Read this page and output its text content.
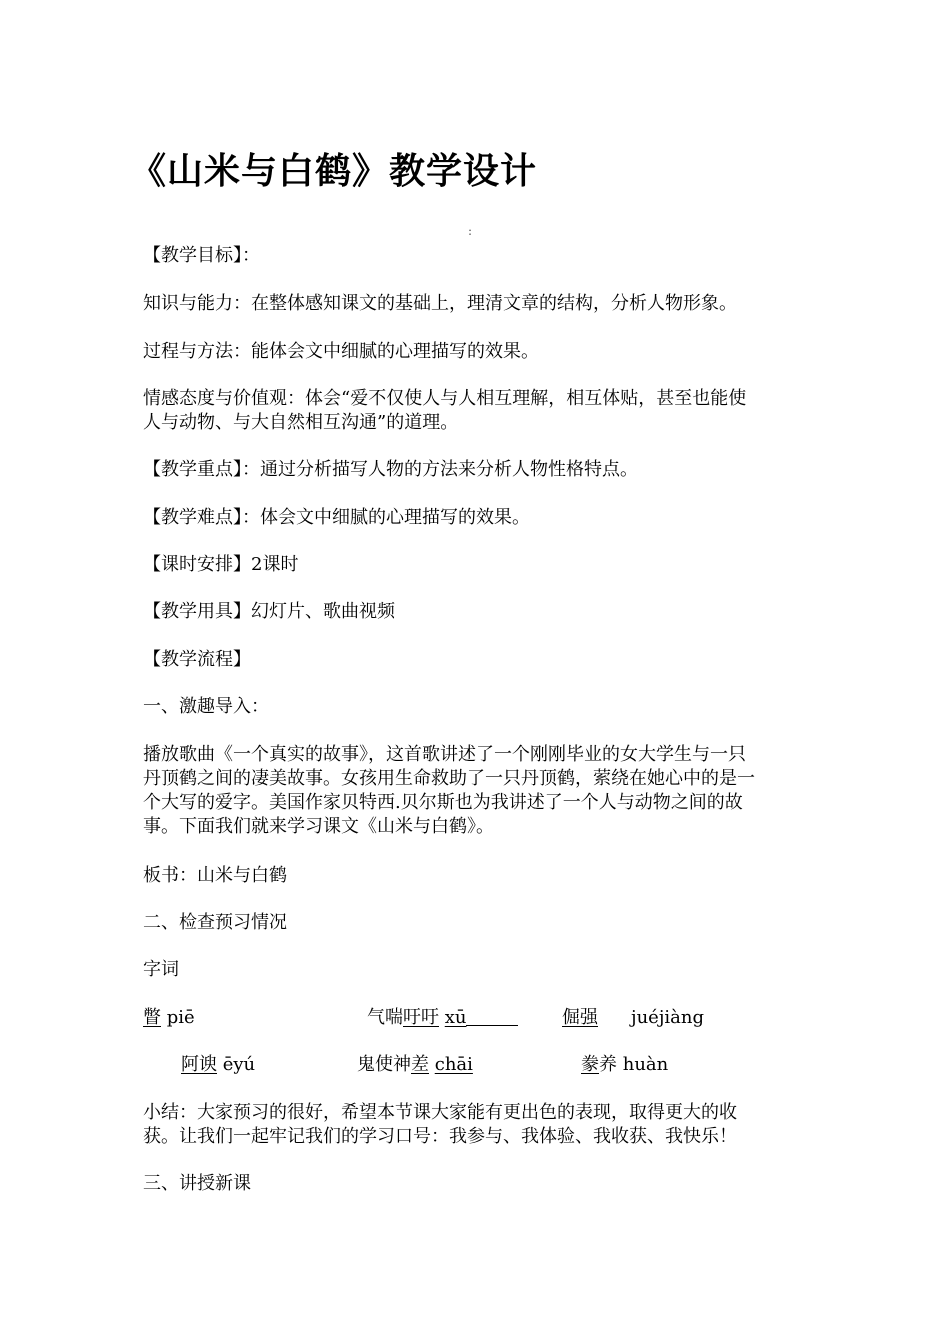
《山米与白鹤》教学设计
:
【教学目标】：
知识与能力：在整体感知课文的基础上，理清文章的结构，分析人物形象。
过程与方法：能体会文中细腻的心理描写的效果。
情感态度与价值观：体会“爱不仅使人与人相互理解，相互体贴，甚至也能使
人与动物、与大自然相互沟通”的道理。
【教学重点】：通过分析描写人物的方法来分析人物性格特点。
【教学难点】：体会文中细腻的心理描写的效果。
【课时安排】2课时
【教学用具】幻灯片、歌曲视频
【教学流程】
一、激趣导入：
播放歌曲《一个真实的故事》，这首歌讲述了一个刚刚毕业的女大学生与一只
丹顶鹤之间的凄美故事。女孩用生命救助了一只丹顶鹤，萦绕在她心中的是一
个大写的爱字。美国作家贝特西.贝尔斯也为我讲述了一个人与动物之间的故
事。下面我们就来学习课文《山米与白鹤》。
板书：山米与白鹤
二、检查预习情况
字词
瞥 piē	气喘吁吁 xū	倔强 juéjiàng
阿谀 ēyú	鬼使神差 chāi	豢养 huàn
小结：大家预习的很好，希望本节课大家能有更出色的表现，取得更大的收
获。让我们一起牢记我们的学习口号：我参与、我体验、我收获、我快乐！
三、讲授新课
